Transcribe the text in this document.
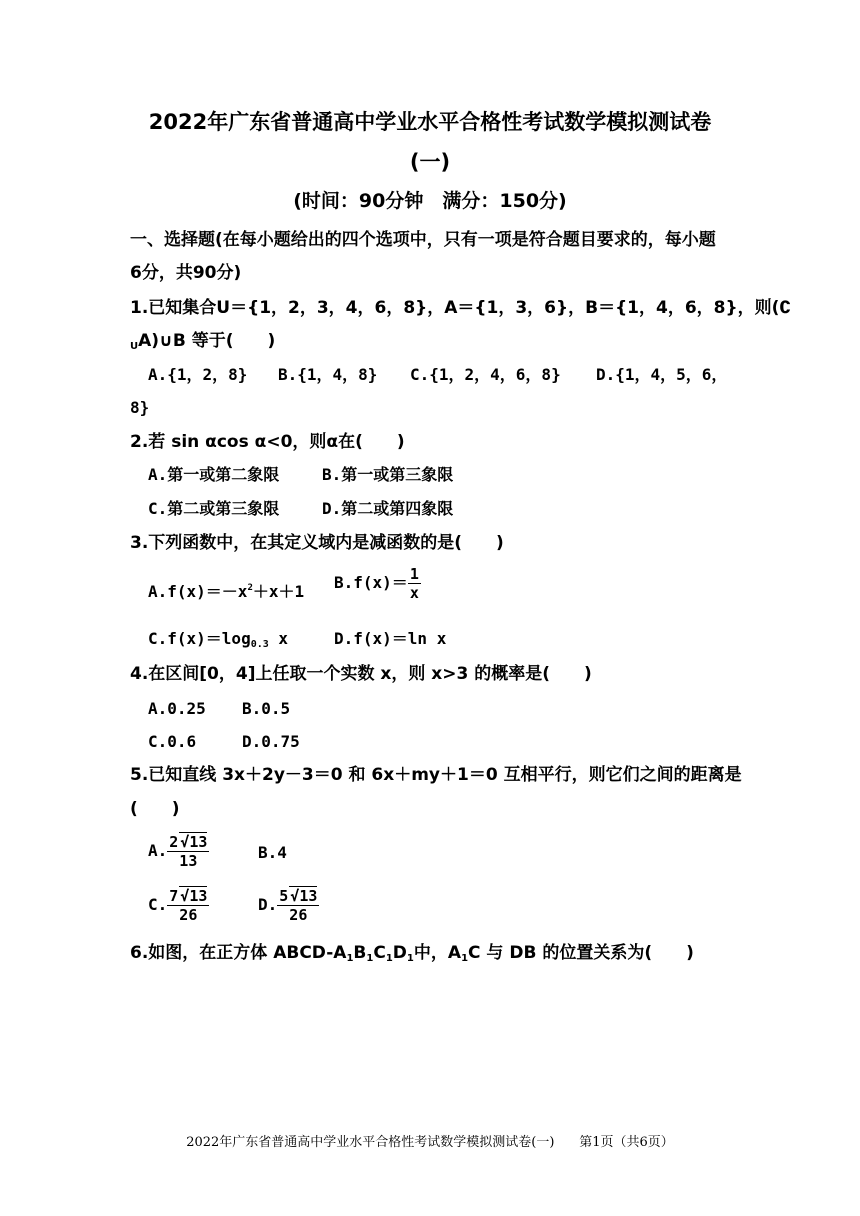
2022年广东省普通高中学业水平合格性考试数学模拟测试卷
(一)
(时间：90分钟　满分：150分)
一、选择题(在每小题给出的四个选项中，只有一项是符合题目要求的，每小题
6分，共90分)
1.已知集合U＝{1，2，3，4，6，8}，A＝{1，3，6}，B＝{1，4，6，8}，则(∁
$_U$A)∪B 等于(　　)
A.{1，2，8} B.{1，4，8} C.{1，2，4，6，8} D.{1，4，5，6，
8}
2.若 sin αcos α<0，则α在(　　)
A.第一或第二象限	B.第一或第三象限
C.第二或第三象限	D.第二或第四象限
3.下列函数中，在其定义域内是减函数的是(　　)
$A.f(x)=-x^2+x+1$ $B.f(x)= \frac{1}{x}$
$C.f(x)=\log_{0.3}$ x	D.f(x)＝ln x
4.在区间[0，4]上任取一个实数 x，则 x>3 的概率是(　　)
A.0.25 B.0.5
C.0.6	D.0.75
5.已知直线 3x＋2y－3＝0 和 6x＋my＋1＝0 互相平行，则它们之间的距离是
(　　)
A. $\frac{2 √13}{13}$	B.4
C. $\frac{7 √13}{26}$	D. $\frac{5 √13}{26}$
6.如图，在正方体 ABCD-$A_1B_1C_1D_1$中，$A_1C$ 与 DB 的位置关系为(　　)
2022年广东省普通高中学业水平合格性考试数学模拟测试卷(一) 第1页（共6页）
